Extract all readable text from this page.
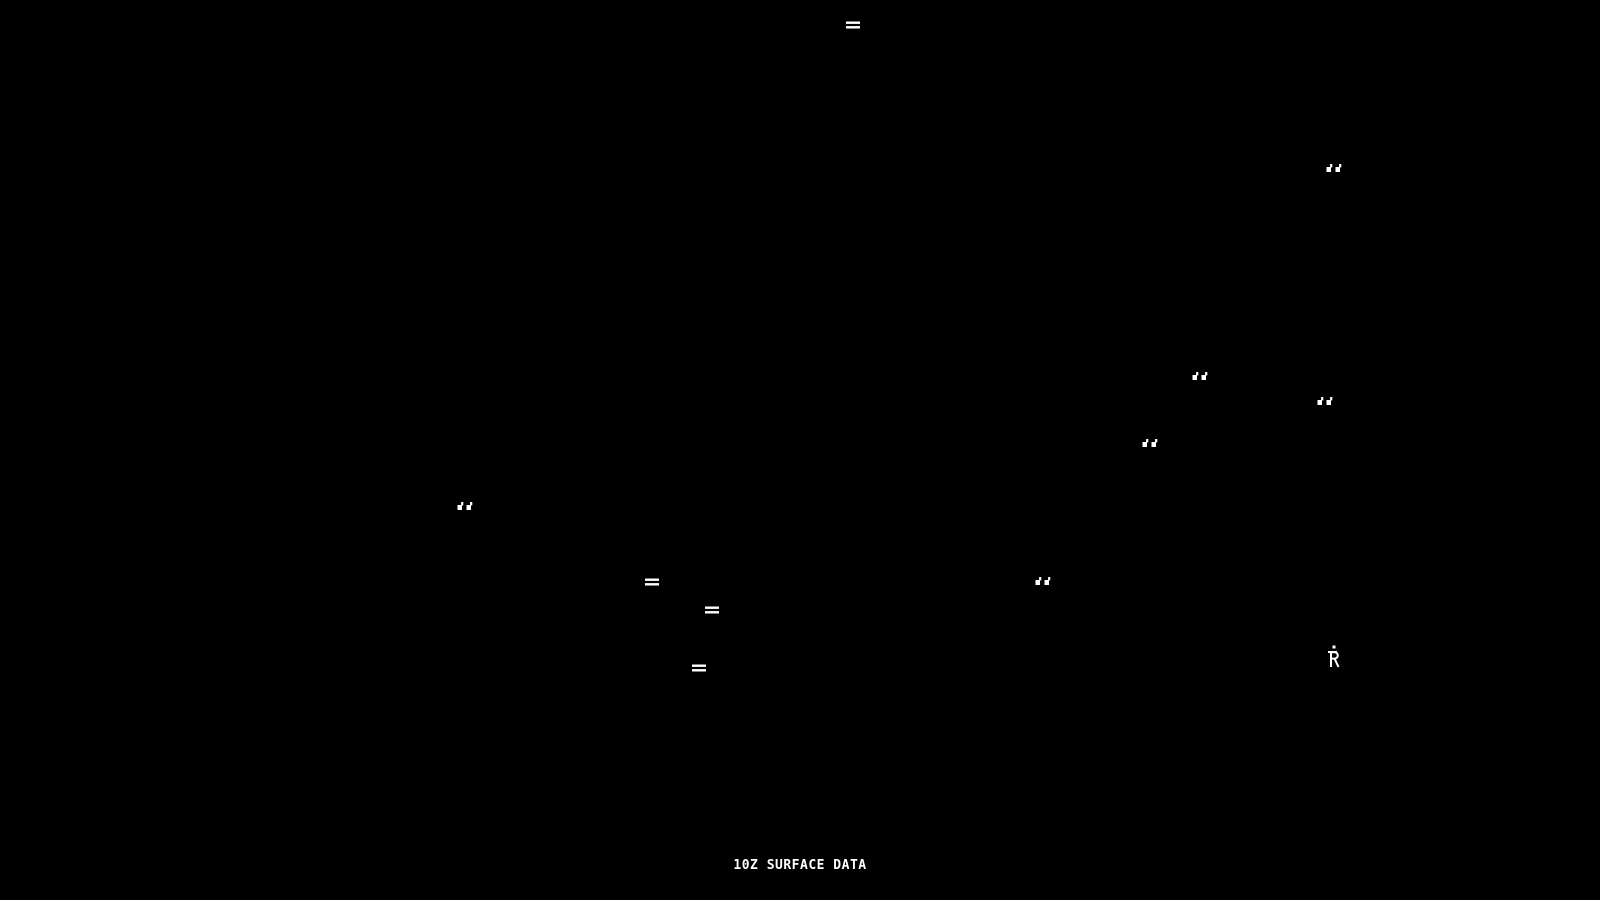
10Z SURFACE DATA
